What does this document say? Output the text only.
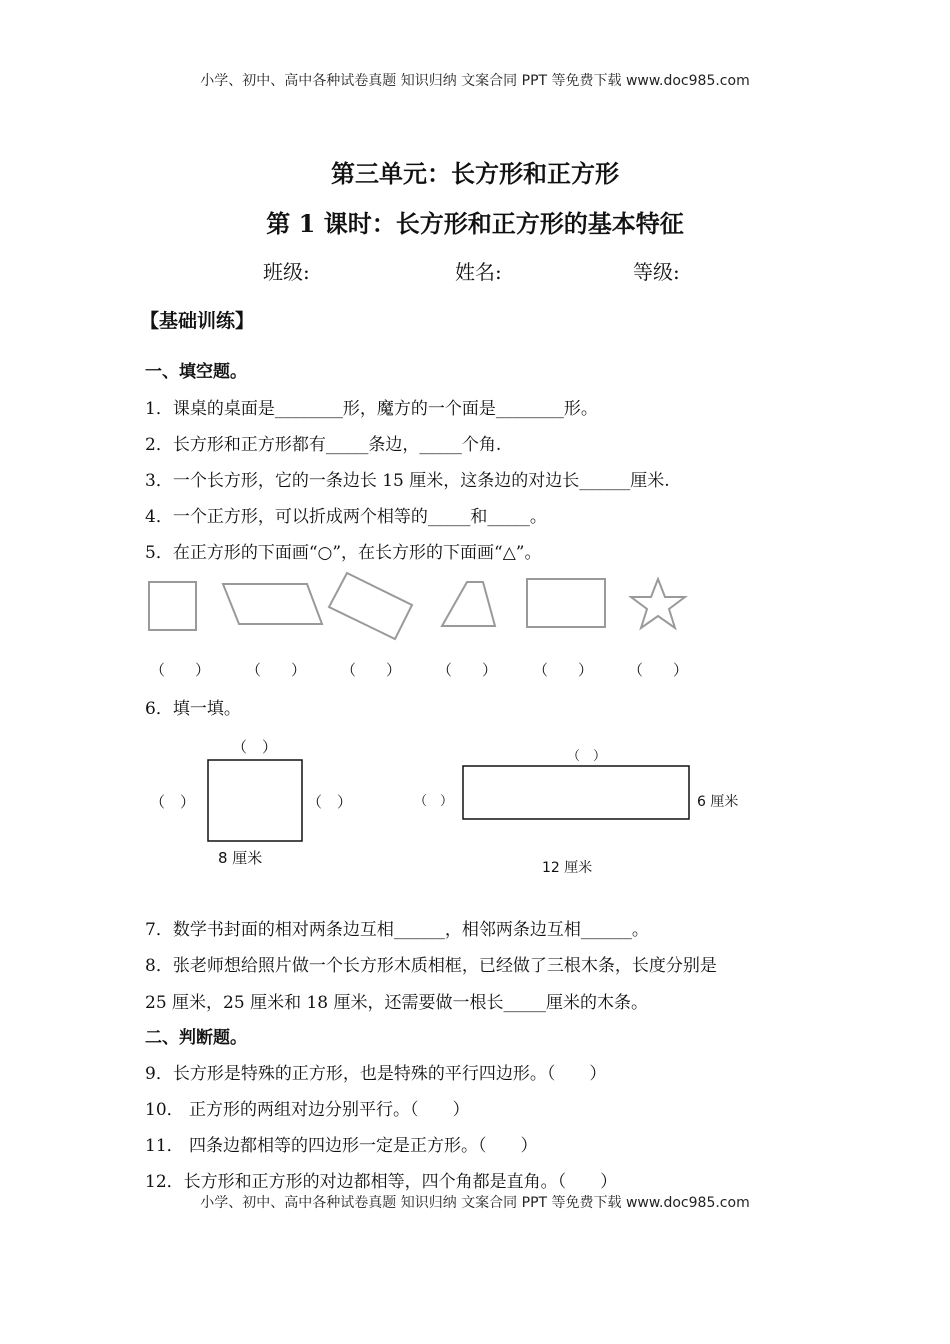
小学、初中、高中各种试卷真题 知识归纳 文案合同 PPT 等免费下载 www.doc985.com
第三单元：长方形和正方形
第 1 课时：长方形和正方形的基本特征
班级:	姓名:	等级:
【基础训练】
一、填空题。
1．课桌的桌面是________形，魔方的一个面是________形。
2．长方形和正方形都有_____条边，_____个角.
3．一个长方形，它的一条边长 15 厘米，这条边的对边长______厘米.
4．一个正方形，可以折成两个相等的_____和_____。
5．在正方形的下面画“○”，在长方形的下面画“△”。
（　　） （　　） （　　） （　　） （　　） （　　）
6．填一填。
（　）
（　）	（　）
8 厘米
（　）
（　）	6 厘米
12 厘米
7．数学书封面的相对两条边互相______，相邻两条边互相______。
8．张老师想给照片做一个长方形木质相框，已经做了三根木条，长度分别是
25 厘米，25 厘米和 18 厘米，还需要做一根长_____厘米的木条。
二、判断题。
9．长方形是特殊的正方形，也是特殊的平行四边形。（　　）
10． 正方形的两组对边分别平行。（　　）
11． 四条边都相等的四边形一定是正方形。（　　）
12．长方形和正方形的对边都相等，四个角都是直角。（　　）
小学、初中、高中各种试卷真题 知识归纳 文案合同 PPT 等免费下载 www.doc985.com
